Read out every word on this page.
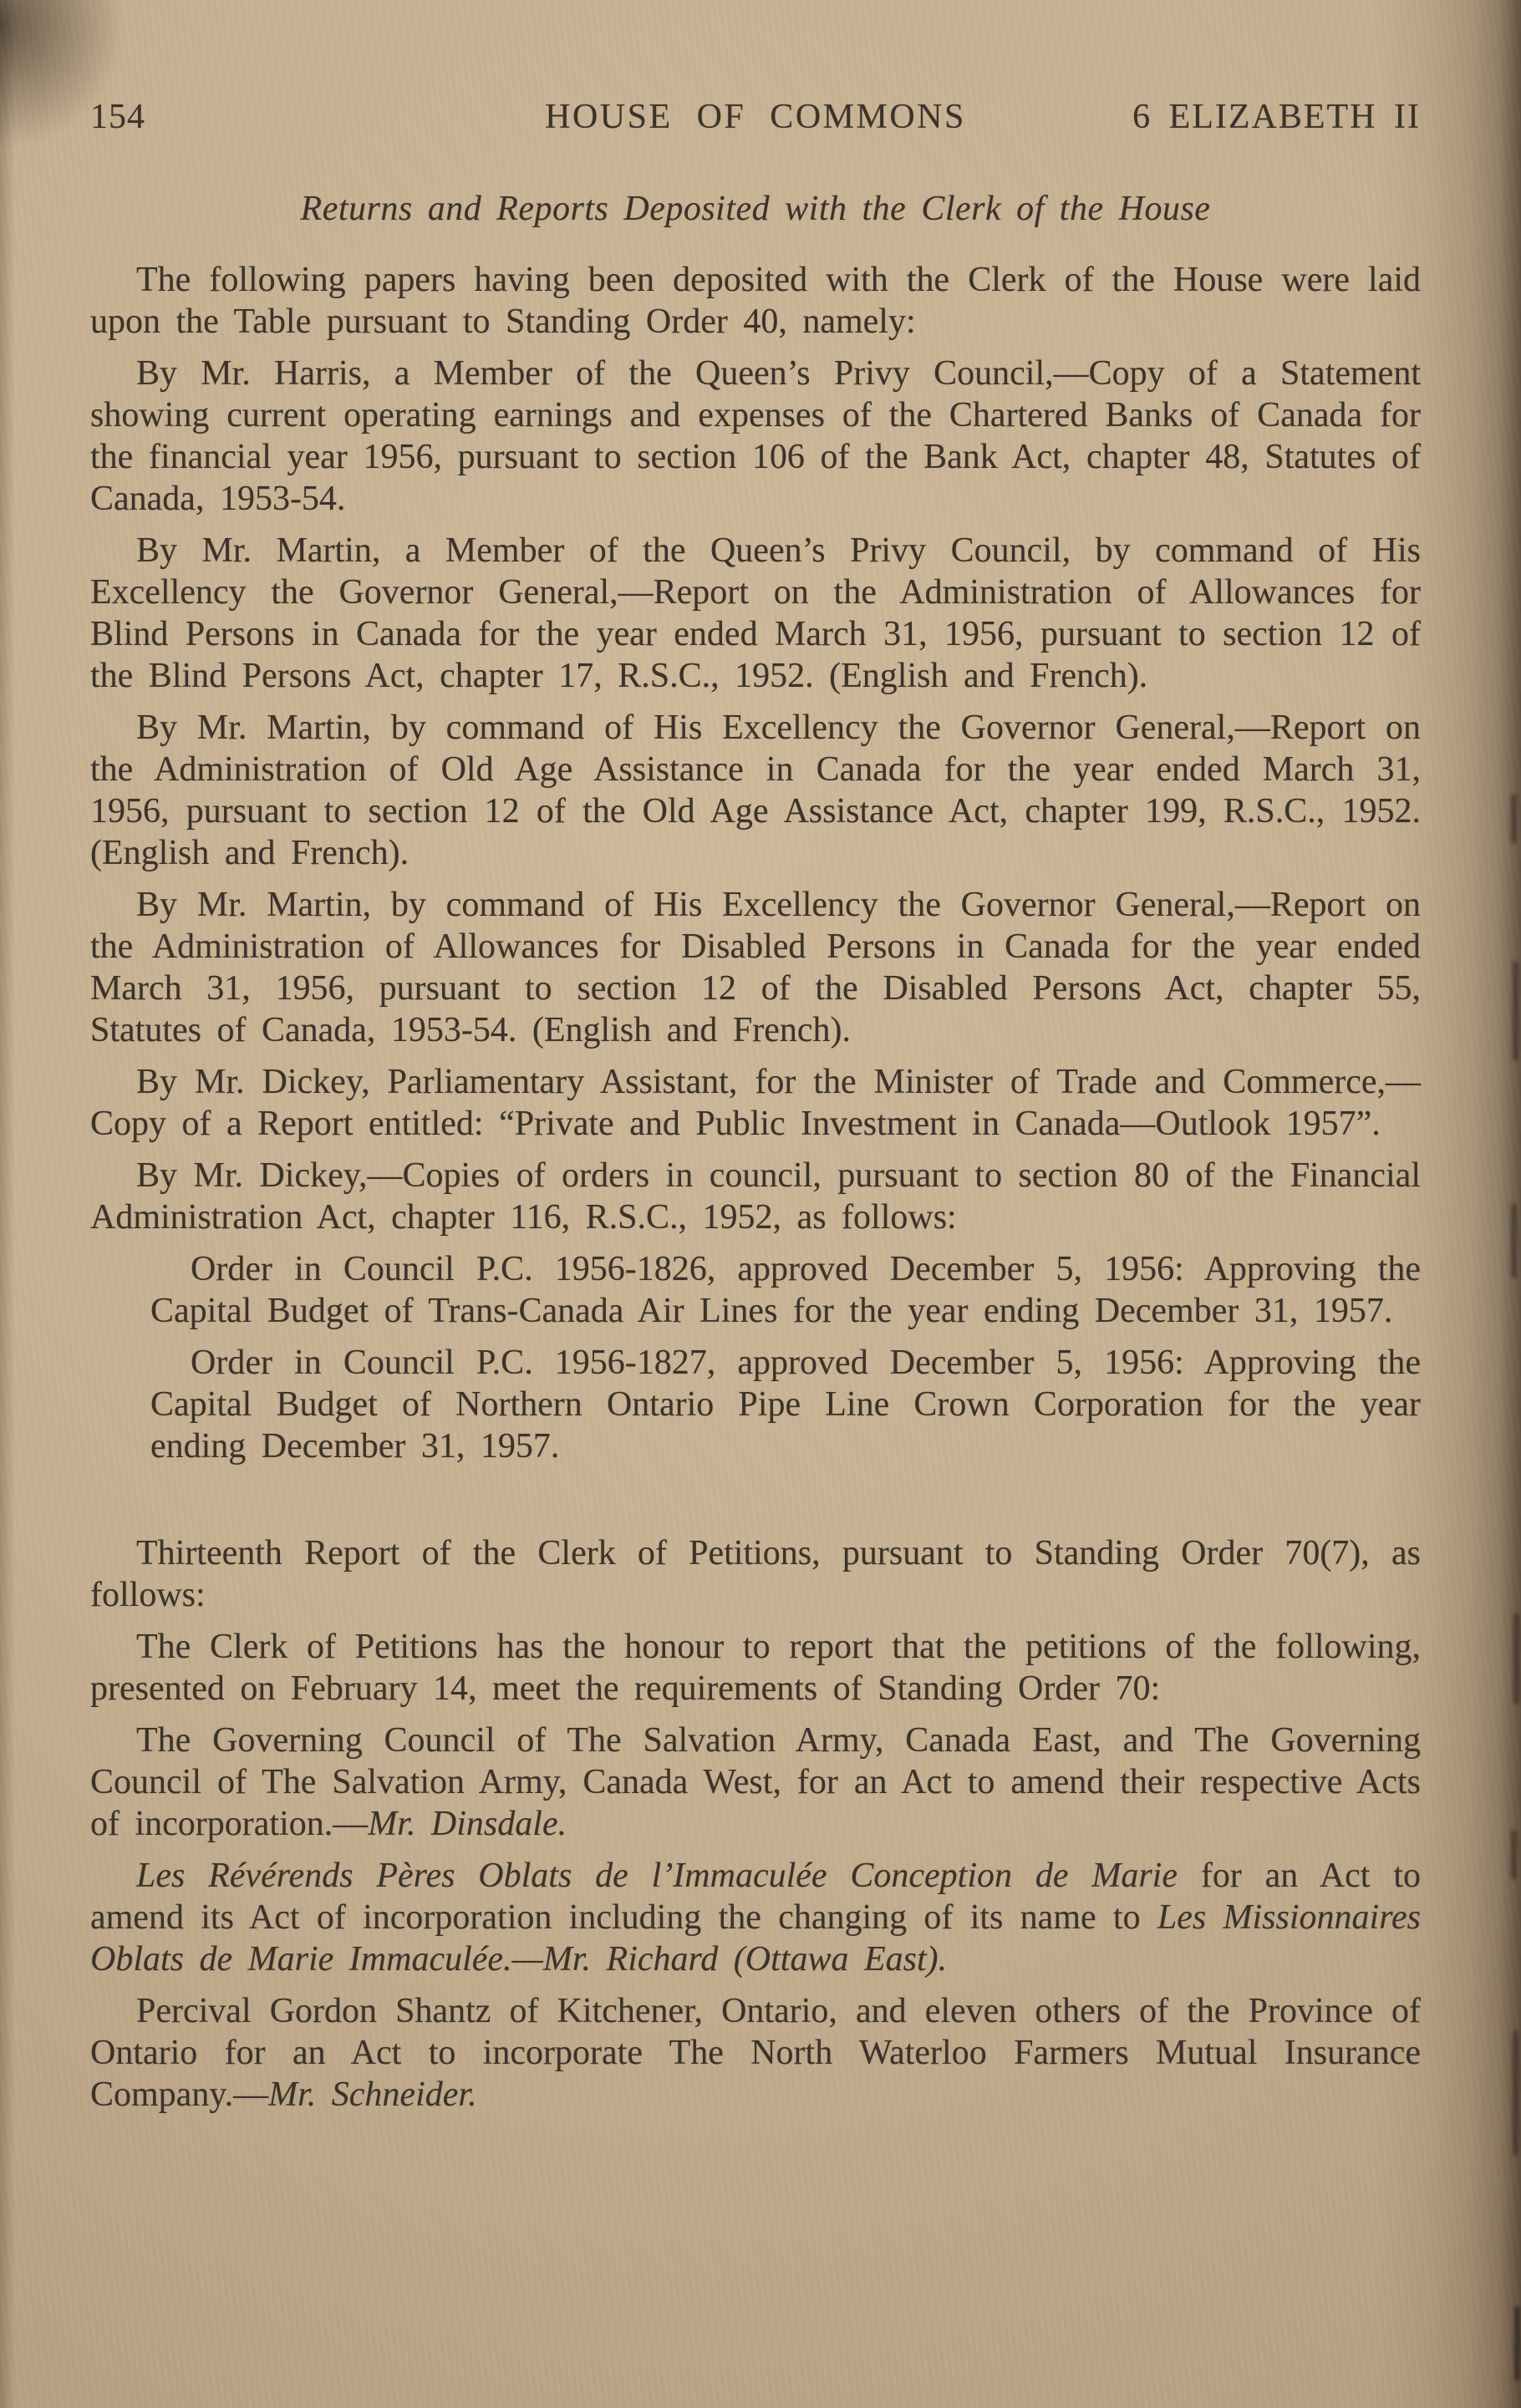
154	HOUSE OF COMMONS	6 ELIZABETH II
Returns and Reports Deposited with the Clerk of the House

The following papers having been deposited with the Clerk of the House were laid upon the Table pursuant to Standing Order 40, namely:

By Mr. Harris, a Member of the Queen’s Privy Council,—Copy of a Statement showing current operating earnings and expenses of the Chartered Banks of Canada for the financial year 1956, pursuant to section 106 of the Bank Act, chapter 48, Statutes of Canada, 1953-54.

By Mr. Martin, a Member of the Queen’s Privy Council, by command of His Excellency the Governor General,—Report on the Administration of Allowances for Blind Persons in Canada for the year ended March 31, 1956, pursuant to section 12 of the Blind Persons Act, chapter 17, R.S.C., 1952. (English and French).

By Mr. Martin, by command of His Excellency the Governor General,—Report on the Administration of Old Age Assistance in Canada for the year ended March 31, 1956, pursuant to section 12 of the Old Age Assistance Act, chapter 199, R.S.C., 1952. (English and French).

By Mr. Martin, by command of His Excellency the Governor General,—Report on the Administration of Allowances for Disabled Persons in Canada for the year ended March 31, 1956, pursuant to section 12 of the Disabled Persons Act, chapter 55, Statutes of Canada, 1953-54. (English and French).

By Mr. Dickey, Parliamentary Assistant, for the Minister of Trade and Commerce,—Copy of a Report entitled: “Private and Public Investment in Canada—Outlook 1957”.

By Mr. Dickey,—Copies of orders in council, pursuant to section 80 of the Financial Administration Act, chapter 116, R.S.C., 1952, as follows:

Order in Council P.C. 1956-1826, approved December 5, 1956: Approving the Capital Budget of Trans-Canada Air Lines for the year ending December 31, 1957.

Order in Council P.C. 1956-1827, approved December 5, 1956: Approving the Capital Budget of Northern Ontario Pipe Line Crown Corporation for the year ending December 31, 1957.

Thirteenth Report of the Clerk of Petitions, pursuant to Standing Order 70(7), as follows:

The Clerk of Petitions has the honour to report that the petitions of the following, presented on February 14, meet the requirements of Standing Order 70:

The Governing Council of The Salvation Army, Canada East, and The Governing Council of The Salvation Army, Canada West, for an Act to amend their respective Acts of incorporation.—Mr. Dinsdale.

Les Révérends Pères Oblats de l’Immaculée Conception de Marie for an Act to amend its Act of incorporation including the changing of its name to Les Missionnaires Oblats de Marie Immaculée.—Mr. Richard (Ottawa East).

Percival Gordon Shantz of Kitchener, Ontario, and eleven others of the Province of Ontario for an Act to incorporate The North Waterloo Farmers Mutual Insurance Company.—Mr. Schneider.
